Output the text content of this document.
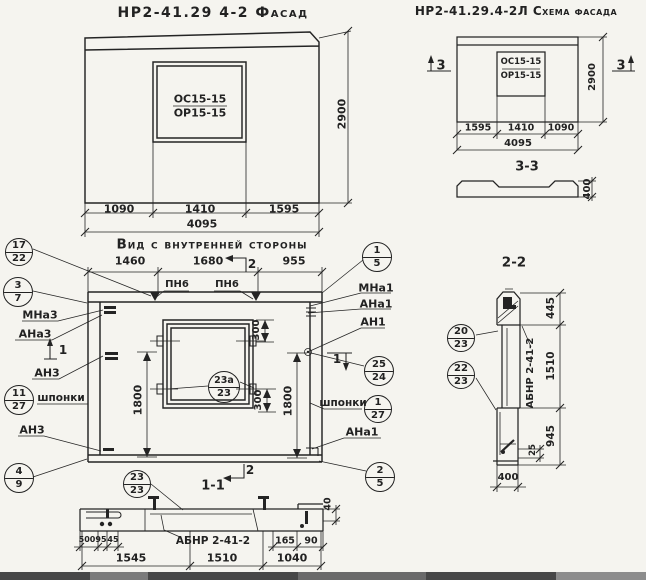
НР2-41.29 4-2 Фасад
ОС15-15
ОР15-15	2900
1090	1410	1595
4095
НР2-41.29.4-2Л Схема фасада
ОС15-15
ОР15-15	2900
3	3
1595 1410 1090
4095
3-3
400
Вид с внутренней стороны
1460	1680	955
ПН6	ПН6
2
2
1
1
МНа3
АНа3
АН3
шпонки
АН3
МНа1
АНа1
АН1
шпонки
АНа1
1800	1800
300
300
17
22
3
7
11
27
4
9
1
5
25
24
1
27
2
5
23а
23
23
23
20
23
22
23
1-1
АБНР 2-41-2
500 95 45	165 90
40
1545	1510	1040
2-2
АБНР 2-41-2
445
1510
945
25
400
